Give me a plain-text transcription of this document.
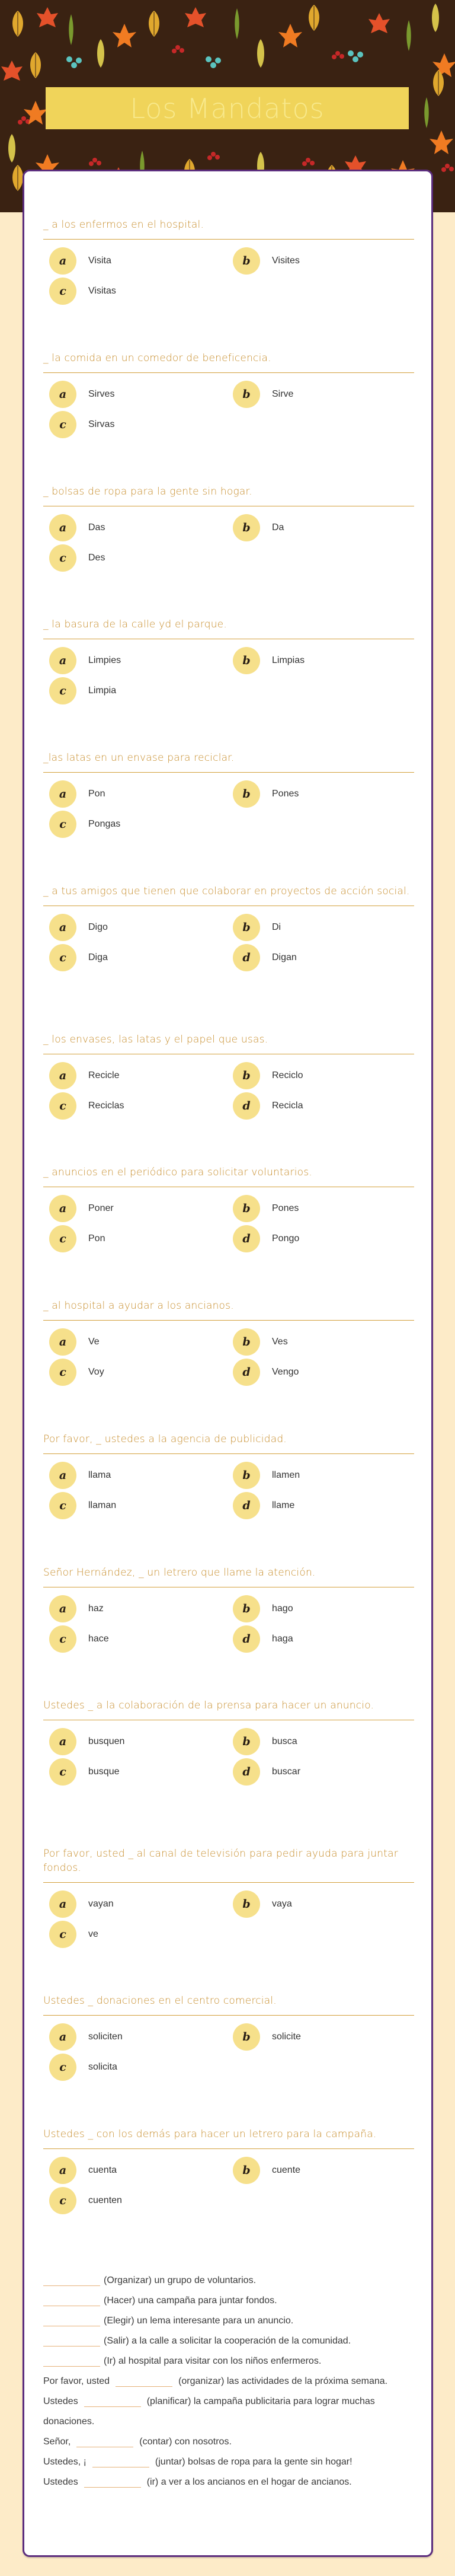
Los Mandatos
_ a los enfermos en el hospital.
a	Visita	b	Visites
c	Visitas
_ la comida en un comedor de beneficencia.
a	Sirves	b	Sirve
c	Sirvas
_ bolsas de ropa para la gente sin hogar.
a	Das	b	Da
c	Des
_ la basura de la calle yd el parque.
a	Limpies	b	Limpias
c	Limpia
_las latas en un envase para reciclar.
a	Pon	b	Pones
c	Pongas
_ a tus amigos que tienen que colaborar en proyectos de acción social.
a	Digo	b	Di
c	Diga	d	Digan
_ los envases, las latas y el papel que usas.
a	Recicle	b	Reciclo
c	Reciclas	d	Recicla
_ anuncios en el periódico para solicitar voluntarios.
a	Poner	b	Pones
c	Pon	d	Pongo
_ al hospital a ayudar a los ancianos.
a	Ve	b	Ves
c	Voy	d	Vengo
Por favor, _ ustedes a la agencia de publicidad.
a	llama	b	llamen
c	llaman	d	llame
Señor Hernández, _ un letrero que llame la atención.
a	haz	b	hago
c	hace	d	haga
Ustedes _ a la colaboración de la prensa para hacer un anuncio.
a	busquen	b	busca
c	busque	d	buscar
Por favor, usted _ al canal de televisión para pedir ayuda para juntar fondos.
a	vayan	b	vaya
c	ve
Ustedes _ donaciones en el centro comercial.
a	soliciten	b	solicite
c	solicita
Ustedes _ con los demás para hacer un letrero para la campaña.
a	cuenta	b	cuente
c	cuenten
(Organizar) un grupo de voluntarios.
(Hacer) una campaña para juntar fondos.
(Elegir) un lema interesante para un anuncio.
(Salir) a la calle a solicitar la cooperación de la comunidad.
(Ir) al hospital para visitar con los niños enfermeros.
Por favor, usted	(organizar) las actividades de la próxima semana.
Ustedes	(planificar) la campaña publicitaria para lograr muchas donaciones.
Señor,	(contar) con nosotros.
Ustedes, ¡	(juntar) bolsas de ropa para la gente sin hogar!
Ustedes	(ir) a ver a los ancianos en el hogar de ancianos.
